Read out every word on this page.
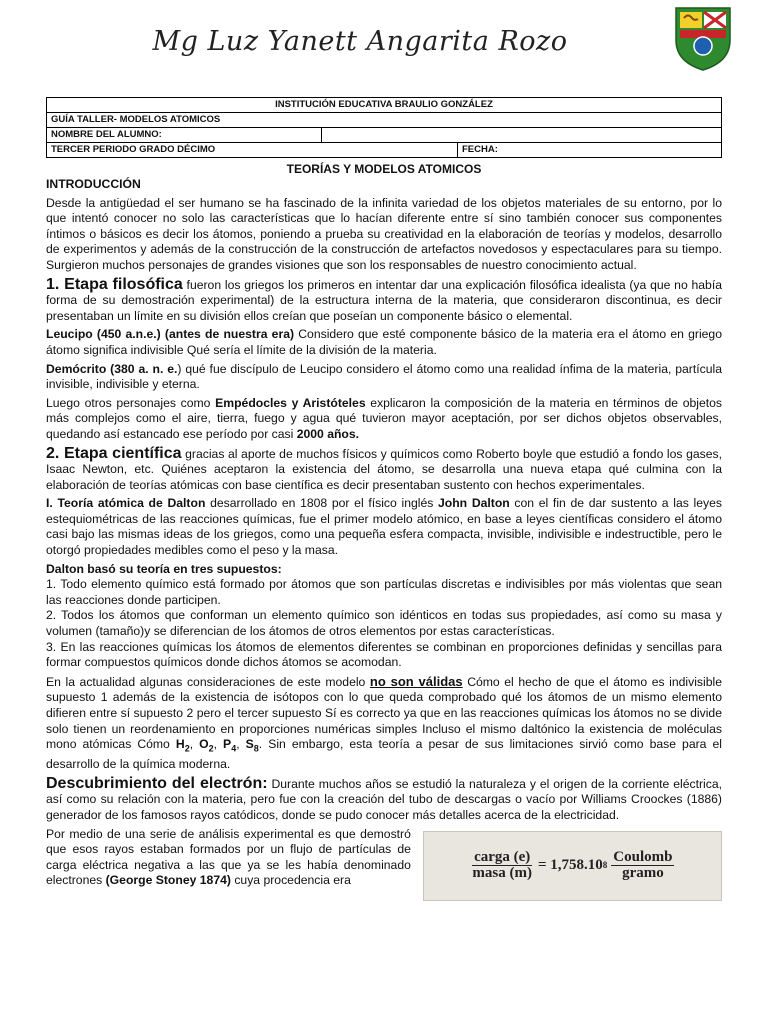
Mg Luz Yanett Angarita Rozo
INSTITUCIÓN EDUCATIVA BRAULIO GONZÁLEZ		
GUÍA TALLER- MODELOS ATOMICOS		
NOMBRE DEL ALUMNO:		
TERCER PERIODO GRADO DÉCIMO		FECHA:
TEORÍAS Y MODELOS ATOMICOS

INTRODUCCIÓN

Desde la antigüedad el ser humano se ha fascinado de la infinita variedad de los objetos materiales de su entorno, por lo que intentó conocer no solo las características que lo hacían diferente entre sí sino también conocer sus componentes íntimos o básicos es decir los átomos, poniendo a prueba su creatividad en la elaboración de teorías y modelos, desarrollo de experimentos y además de la construcción de la construcción de artefactos novedosos y espectaculares para su tiempo. Surgieron muchos personajes de grandes visiones que son los responsables de nuestro conocimiento actual.

1. Etapa filosófica fueron los griegos los primeros en intentar dar una explicación filosófica idealista (ya que no había forma de su demostración experimental) de la estructura interna de la materia, que consideraron discontinua, es decir presentaban un límite en su división ellos creían que poseían un componente básico o elemental.

Leucipo (450 a.n.e.) (antes de nuestra era) Considero que esté componente básico de la materia era el átomo en griego átomo significa indivisible Qué sería el límite de la división de la materia.

Demócrito (380 a. n. e.) qué fue discípulo de Leucipo considero el átomo como una realidad ínfima de la materia, partícula invisible, indivisible y eterna.

Luego otros personajes como Empédocles y Aristóteles explicaron la composición de la materia en términos de objetos más complejos como el aire, tierra, fuego y agua qué tuvieron mayor aceptación, por ser dichos objetos observables, quedando así estancado ese período por casi 2000 años.

2. Etapa científica gracias al aporte de muchos físicos y químicos como Roberto boyle que estudió a fondo los gases, Isaac Newton, etc. Quiénes aceptaron la existencia del átomo, se desarrolla una nueva etapa qué culmina con la elaboración de teorías atómicas con base científica es decir presentaban sustento con hechos experimentales.

I. Teoría atómica de Dalton desarrollado en 1808 por el físico inglés John Dalton con el fin de dar sustento a las leyes estequiométricas de las reacciones químicas, fue el primer modelo atómico, en base a leyes científicas considero el átomo casi bajo las mismas ideas de los griegos, como una pequeña esfera compacta, invisible, indivisible e indestructible, pero le otorgó propiedades medibles como el peso y la masa.

Dalton basó su teoría en tres supuestos:

1. Todo elemento químico está formado por átomos que son partículas discretas e indivisibles por más violentas que sean las reacciones donde participen.

2. Todos los átomos que conforman un elemento químico son idénticos en todas sus propiedades, así como su masa y volumen (tamaño)y se diferencian de los átomos de otros elementos por estas características.

3. En las reacciones químicas los átomos de elementos diferentes se combinan en proporciones definidas y sencillas para formar compuestos químicos donde dichos átomos se acomodan.

En la actualidad algunas consideraciones de este modelo no son válidas Cómo el hecho de que el átomo es indivisible supuesto 1 además de la existencia de isótopos con lo que queda comprobado qué los átomos de un mismo elemento difieren entre sí supuesto 2 pero el tercer supuesto Sí es correcto ya que en las reacciones químicas los átomos no se divide solo tienen un reordenamiento en proporciones numéricas simples Incluso el mismo daltónico la existencia de moléculas mono atómicas Cómo $H_2$, $O_2$, $P_4$, $S_8$. Sin embargo, esta teoría a pesar de sus limitaciones sirvió como base para el desarrollo de la química moderna.

Descubrimiento del electrón: Durante muchos años se estudió la naturaleza y el origen de la corriente eléctrica, así como su relación con la materia, pero fue con la creación del tubo de descargas o vacío por Williams Croockes (1886) generador de los famosos rayos catódicos, donde se pudo conocer más detalles acerca de la electricidad.

Por medio de una serie de análisis experimental es que demostró que esos rayos estaban formados por un flujo de partículas de carga eléctrica negativa a las que ya se les había denominado electrones (George Stoney 1874) cuya procedencia era	$\frac{\text{carga (e)}}{\text{masa (m)}} = 1,758.10$ $8 \frac{\text{Coulomb}}{\text{gramo}}$
